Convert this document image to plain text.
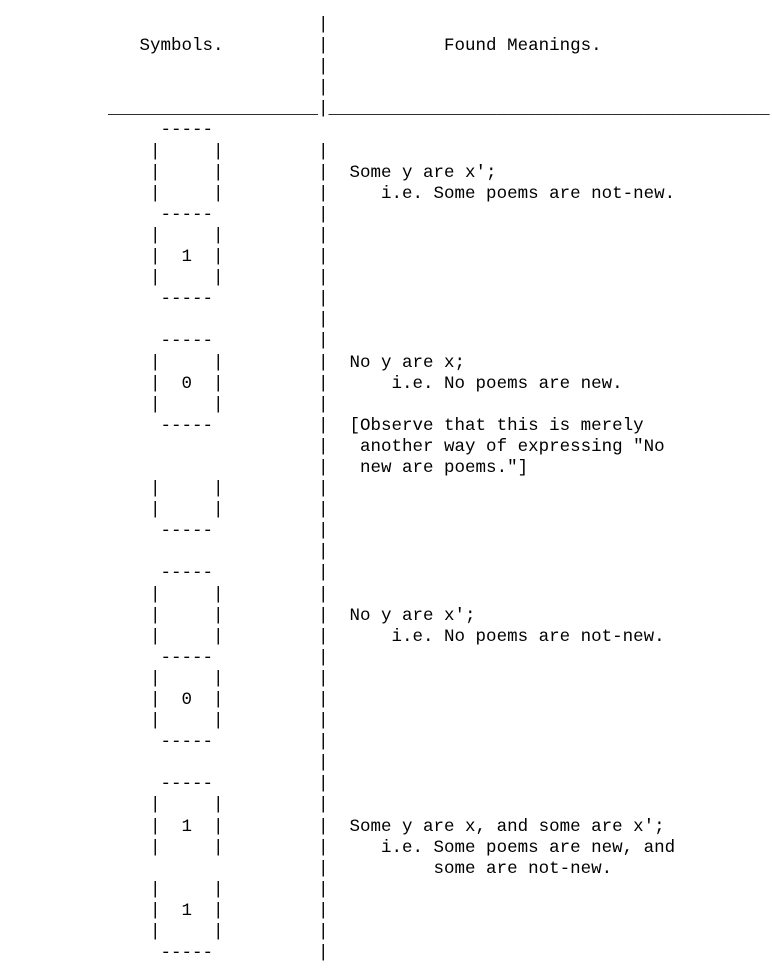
|
Symbols.         |           Found Meanings.
|
|
____________________|__________________________________________
-----
|     |         |
|     |         |  Some y are x';
|     |         |     i.e. Some poems are not-new.
-----          |
|     |         |
|  1  |         |
|     |         |
-----          |
|
-----          |
|     |         |  No y are x;
|  0  |         |      i.e. No poems are new.
|     |         |
-----          |  [Observe that this is merely
|   another way of expressing "No
|   new are poems."]
|     |         |
|     |         |
-----          |
|
-----          |
|     |         |
|     |         |  No y are x';
|     |         |      i.e. No poems are not-new.
-----          |
|     |         |
|  0  |         |
|     |         |
-----          |
|
-----          |
|     |         |
|  1  |         |  Some y are x, and some are x';
|     |         |     i.e. Some poems are new, and
|          some are not-new.
|     |         |
|  1  |         |
|     |         |
-----          |
